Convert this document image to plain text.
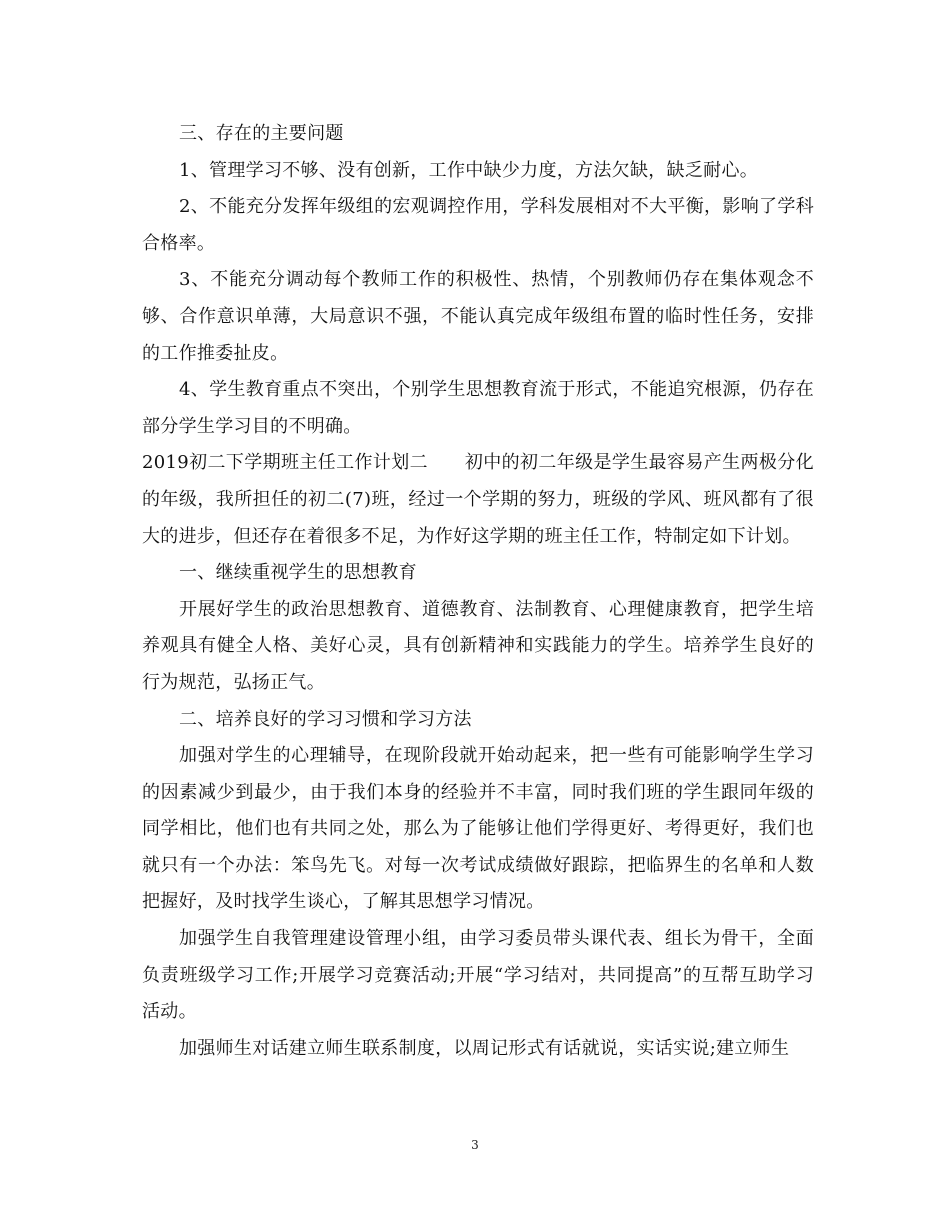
三、存在的主要问题

1、管理学习不够、没有创新，工作中缺少力度，方法欠缺，缺乏耐心。

2、不能充分发挥年级组的宏观调控作用，学科发展相对不大平衡，影响了学科合格率。

3、不能充分调动每个教师工作的积极性、热情，个别教师仍存在集体观念不够、合作意识单薄，大局意识不强，不能认真完成年级组布置的临时性任务，安排的工作推委扯皮。

4、学生教育重点不突出，个别学生思想教育流于形式，不能追究根源，仍存在部分学生学习目的不明确。

2019初二下学期班主任工作计划二　　初中的初二年级是学生最容易产生两极分化的年级，我所担任的初二(7)班，经过一个学期的努力，班级的学风、班风都有了很大的进步，但还存在着很多不足，为作好这学期的班主任工作，特制定如下计划。

一、继续重视学生的思想教育

开展好学生的政治思想教育、道德教育、法制教育、心理健康教育，把学生培养观具有健全人格、美好心灵，具有创新精神和实践能力的学生。培养学生良好的行为规范，弘扬正气。

二、培养良好的学习习惯和学习方法

加强对学生的心理辅导，在现阶段就开始动起来，把一些有可能影响学生学习的因素减少到最少，由于我们本身的经验并不丰富，同时我们班的学生跟同年级的同学相比，他们也有共同之处，那么为了能够让他们学得更好、考得更好，我们也就只有一个办法：笨鸟先飞。对每一次考试成绩做好跟踪，把临界生的名单和人数把握好，及时找学生谈心，了解其思想学习情况。

加强学生自我管理建设管理小组，由学习委员带头课代表、组长为骨干，全面负责班级学习工作;开展学习竞赛活动;开展“学习结对，共同提高”的互帮互助学习活动。

加强师生对话建立师生联系制度，以周记形式有话就说，实话实说;建立师生

3
